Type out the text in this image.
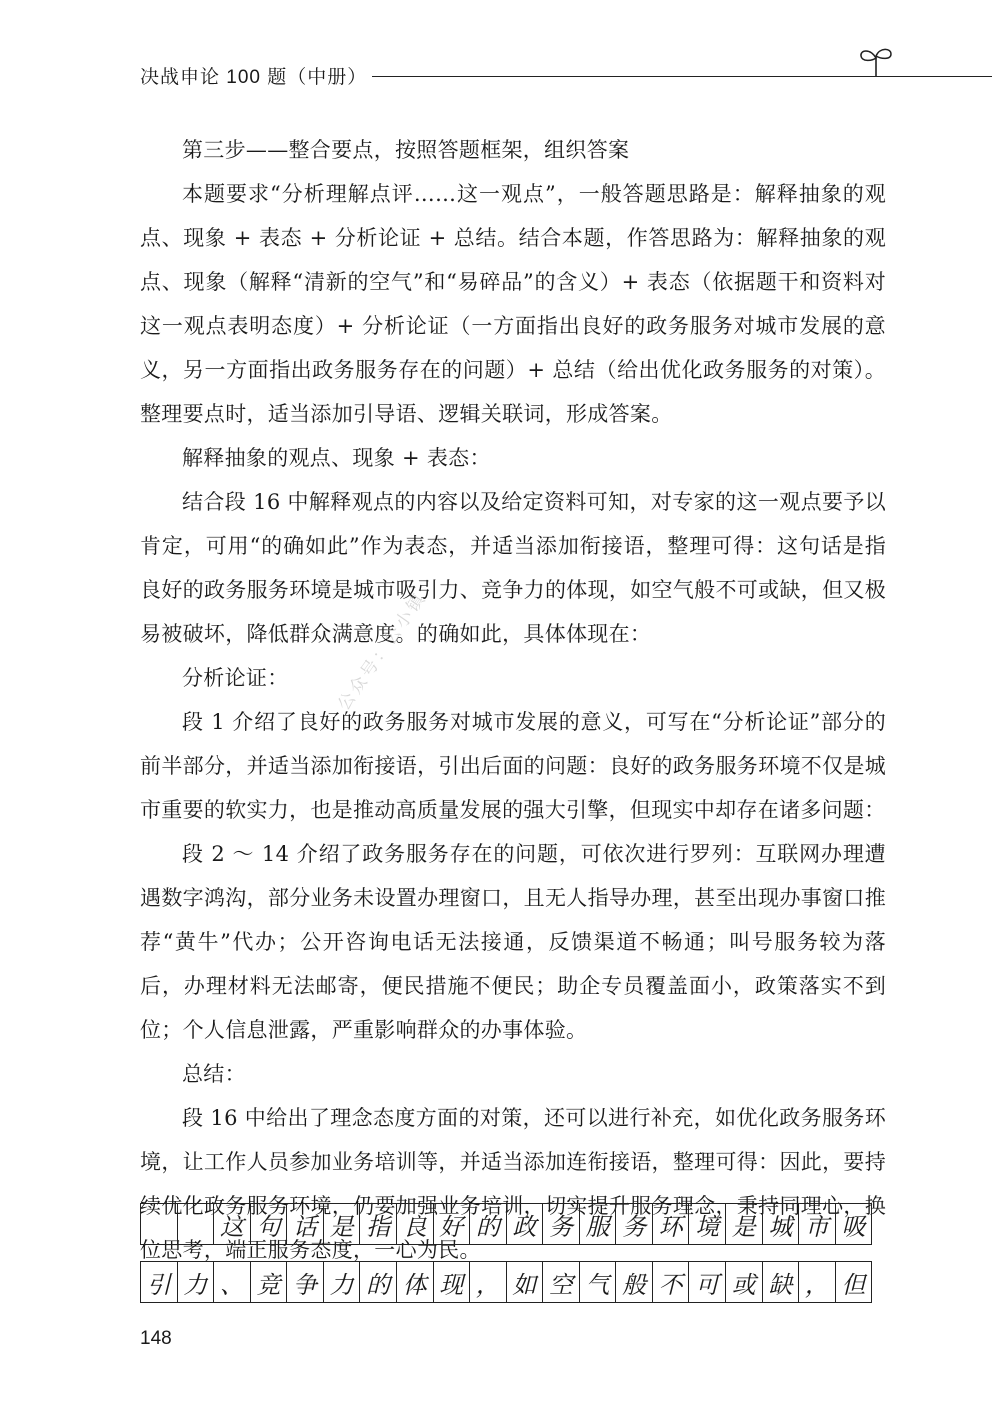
决战申论 100 题（中册）

第三步——整合要点，按照答题框架，组织答案

本题要求“分析理解点评……这一观点”，一般答题思路是：解释抽象的观点、现象 + 表态 + 分析论证 + 总结。结合本题，作答思路为：解释抽象的观点、现象（解释“清新的空气”和“易碎品”的含义）+ 表态（依据题干和资料对这一观点表明态度）+ 分析论证（一方面指出良好的政务服务对城市发展的意义，另一方面指出政务服务存在的问题）+ 总结（给出优化政务服务的对策）。整理要点时，适当添加引导语、逻辑关联词，形成答案。

解释抽象的观点、现象 + 表态：

结合段 16 中解释观点的内容以及给定资料可知，对专家的这一观点要予以肯定，可用“的确如此”作为表态，并适当添加衔接语，整理可得：这句话是指良好的政务服务环境是城市吸引力、竞争力的体现，如空气般不可或缺，但又极易被破坏，降低群众满意度。的确如此，具体体现在：

分析论证：

段 1 介绍了良好的政务服务对城市发展的意义，可写在“分析论证”部分的前半部分，并适当添加衔接语，引出后面的问题：良好的政务服务环境不仅是城市重要的软实力，也是推动高质量发展的强大引擎，但现实中却存在诸多问题：

段 2 ～ 14 介绍了政务服务存在的问题，可依次进行罗列：互联网办理遭遇数字鸿沟，部分业务未设置办理窗口，且无人指导办理，甚至出现办事窗口推荐“黄牛”代办；公开咨询电话无法接通，反馈渠道不畅通；叫号服务较为落后，办理材料无法邮寄，便民措施不便民；助企专员覆盖面小，政策落实不到位；个人信息泄露，严重影响群众的办事体验。

总结：

段 16 中给出了理念态度方面的对策，还可以进行补充，如优化政务服务环境，让工作人员参加业务培训等，并适当添加连衔接语，整理可得：因此，要持续优化政务服务环境，仍要加强业务培训，切实提升服务理念，秉持同理心，换位思考，端正服务态度，一心为民。

公众号：公小镇
这 句 话 是 指 良 好 的 政 务 服 务 环 境 是 城 市 吸
引 力 、 竞 争 力 的 体 现 ， 如 空 气 般 不 可 或 缺 ， 但
148
